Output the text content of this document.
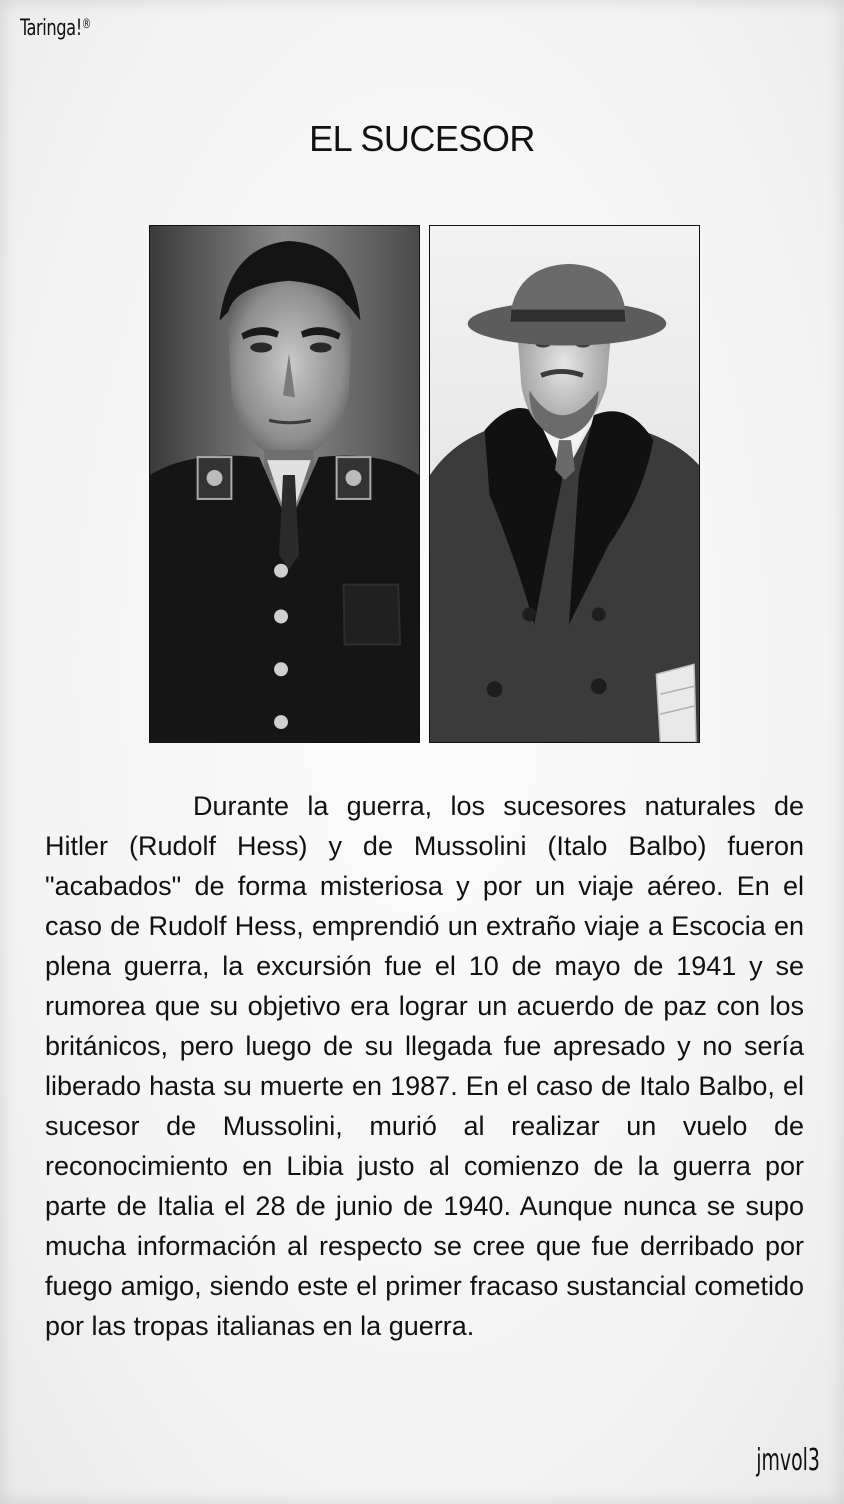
Taringa!®
EL SUCESOR

Durante la guerra, los sucesores naturales de Hitler (Rudolf Hess) y de Mussolini (Italo Balbo) fueron "acabados" de forma misteriosa y por un viaje aéreo. En el caso de Rudolf Hess, emprendió un extraño viaje a Escocia en plena guerra, la excursión fue el 10 de mayo de 1941 y se rumorea que su objetivo era lograr un acuerdo de paz con los británicos, pero luego de su llegada fue apresado y no sería liberado hasta su muerte en 1987. En el caso de Italo Balbo, el sucesor de Mussolini, murió al realizar un vuelo de reconocimiento en Libia justo al comienzo de la guerra por parte de Italia el 28 de junio de 1940. Aunque nunca se supo mucha información al respecto se cree que fue derribado por fuego amigo, siendo este el primer fracaso sustancial cometido por las tropas italianas en la guerra.

jmvol3
